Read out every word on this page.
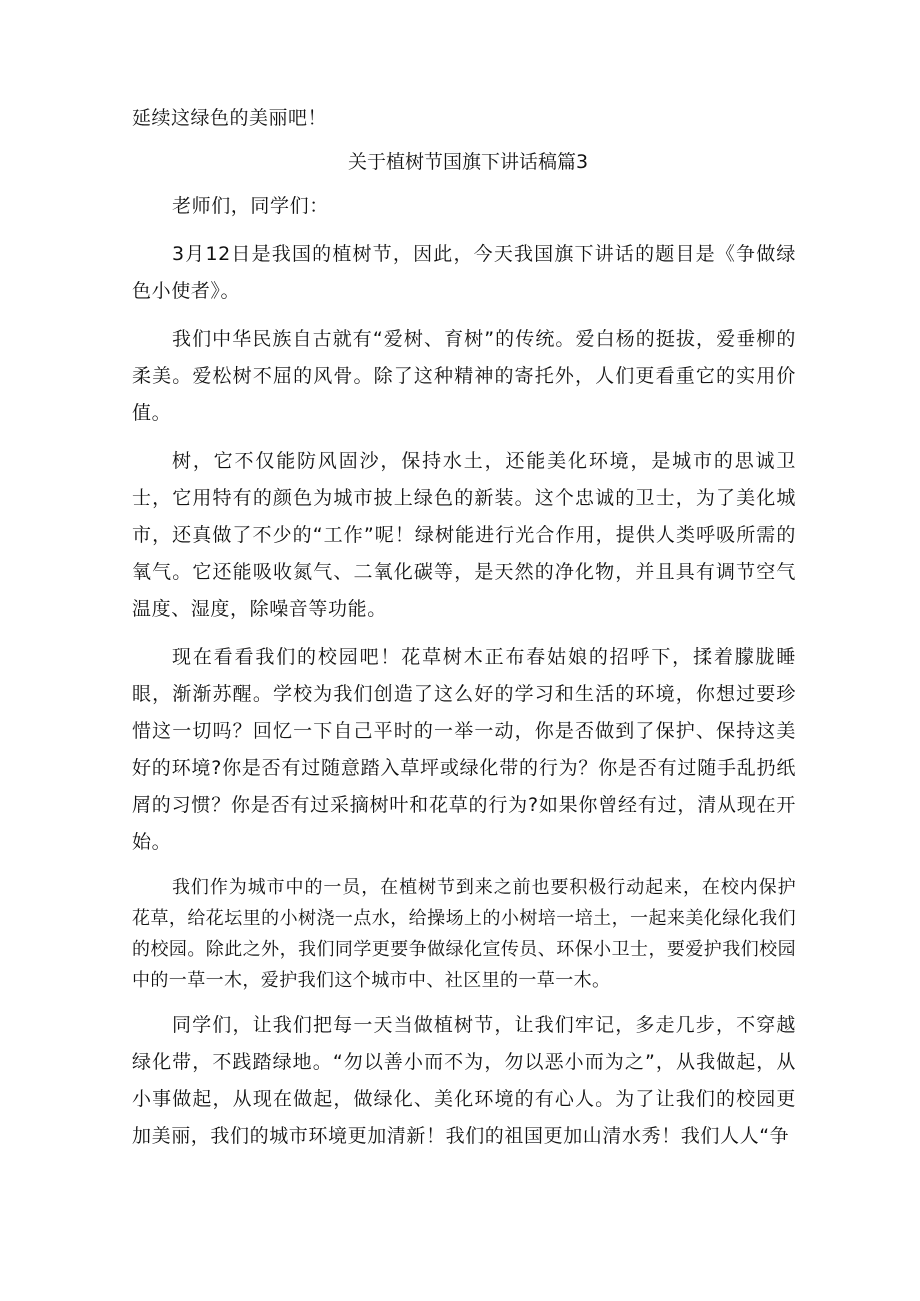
延续这绿色的美丽吧！

关于植树节国旗下讲话稿篇3

老师们，同学们：

3月12日是我国的植树节，因此，今天我国旗下讲话的题目是《争做绿色小使者》。

我们中华民族自古就有“爱树、育树”的传统。爱白杨的挺拔，爱垂柳的柔美。爱松树不屈的风骨。除了这种精神的寄托外，人们更看重它的实用价值。

树，它不仅能防风固沙，保持水土，还能美化环境，是城市的思诚卫士，它用特有的颜色为城市披上绿色的新装。这个忠诚的卫士，为了美化城市，还真做了不少的“工作”呢！绿树能进行光合作用，提供人类呼吸所需的氧气。它还能吸收氮气、二氧化碳等，是天然的净化物，并且具有调节空气温度、湿度，除噪音等功能。

现在看看我们的校园吧！花草树木正布春姑娘的招呼下，揉着朦胧睡眼，渐渐苏醒。学校为我们创造了这么好的学习和生活的环境，你想过要珍惜这一切吗？回忆一下自己平时的一举一动，你是否做到了保护、保持这美好的环境?你是否有过随意踏入草坪或绿化带的行为？你是否有过随手乱扔纸屑的习惯？你是否有过采摘树叶和花草的行为?如果你曾经有过，清从现在开始。

我们作为城市中的一员，在植树节到来之前也要积极行动起来，在校内保护花草，给花坛里的小树浇一点水，给操场上的小树培一培土，一起来美化绿化我们的校园。除此之外，我们同学更要争做绿化宣传员、环保小卫士，要爱护我们校园中的一草一木，爱护我们这个城市中、社区里的一草一木。

同学们，让我们把每一天当做植树节，让我们牢记，多走几步，不穿越绿化带，不践踏绿地。“勿以善小而不为，勿以恶小而为之”，从我做起，从小事做起，从现在做起，做绿化、美化环境的有心人。为了让我们的校园更加美丽，我们的城市环境更加清新！我们的祖国更加山清水秀！我们人人“争
